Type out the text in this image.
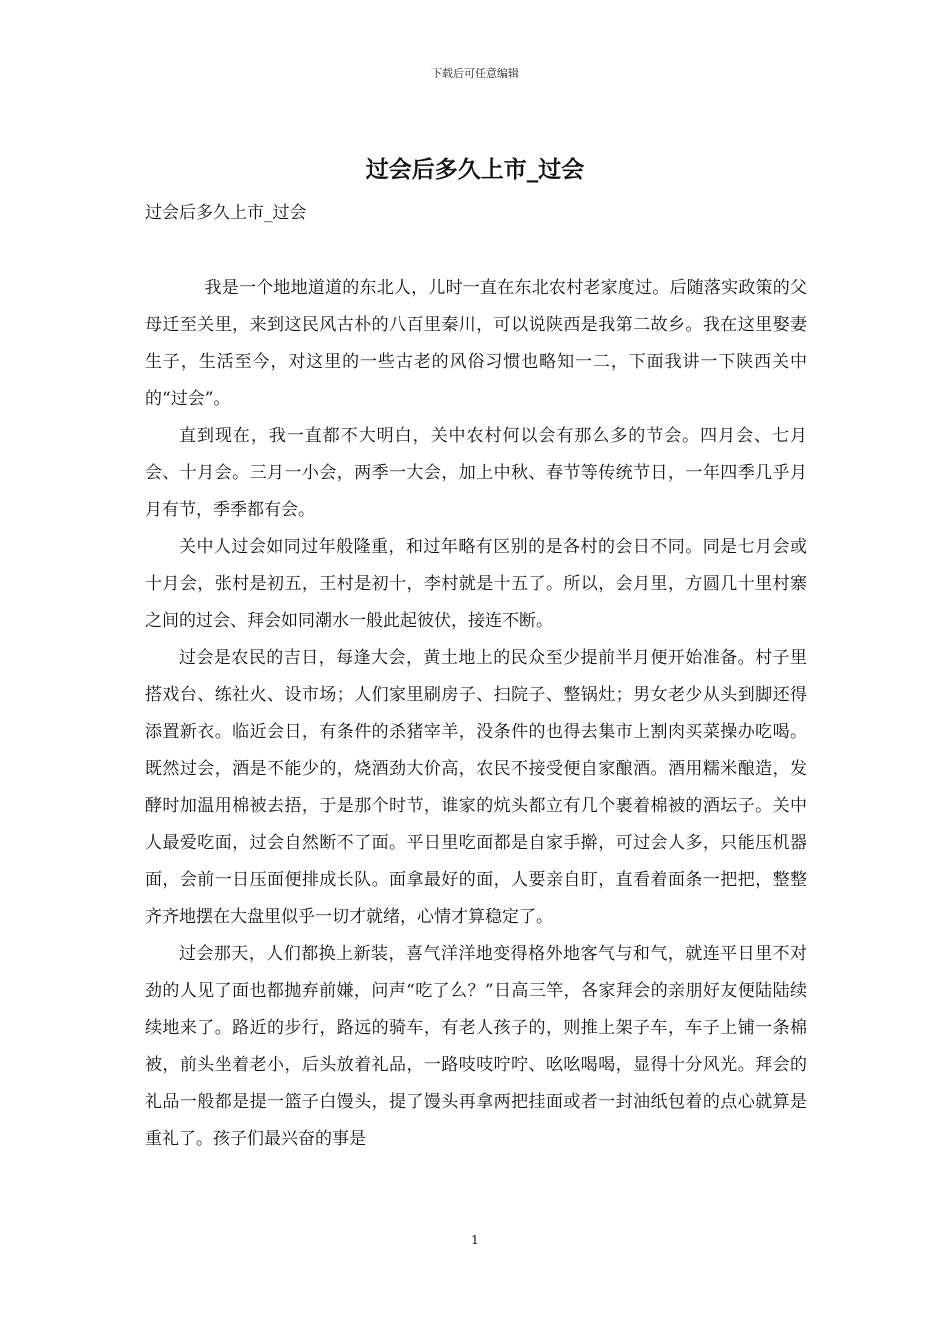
下载后可任意编辑
过会后多久上市_过会
过会后多久上市_过会

我是一个地地道道的东北人，儿时一直在东北农村老家度过。后随落实政策的父母迁至关里，来到这民风古朴的八百里秦川，可以说陕西是我第二故乡。我在这里娶妻生子，生活至今，对这里的一些古老的风俗习惯也略知一二，下面我讲一下陕西关中的“过会”。

直到现在，我一直都不大明白，关中农村何以会有那么多的节会。四月会、七月会、十月会。三月一小会，两季一大会，加上中秋、春节等传统节日，一年四季几乎月月有节，季季都有会。

关中人过会如同过年般隆重，和过年略有区别的是各村的会日不同。同是七月会或十月会，张村是初五，王村是初十，李村就是十五了。所以，会月里，方圆几十里村寨之间的过会、拜会如同潮水一般此起彼伏，接连不断。

过会是农民的吉日，每逢大会，黄土地上的民众至少提前半月便开始准备。村子里搭戏台、练社火、设市场；人们家里刷房子、扫院子、整锅灶；男女老少从头到脚还得添置新衣。临近会日，有条件的杀猪宰羊，没条件的也得去集市上割肉买菜操办吃喝。既然过会，酒是不能少的，烧酒劲大价高，农民不接受便自家酿酒。酒用糯米酿造，发酵时加温用棉被去捂，于是那个时节，谁家的炕头都立有几个裹着棉被的酒坛子。关中人最爱吃面，过会自然断不了面。平日里吃面都是自家手擀，可过会人多，只能压机器面，会前一日压面便排成长队。面拿最好的面，人要亲自盯，直看着面条一把把，整整齐齐地摆在大盘里似乎一切才就绪，心情才算稳定了。

过会那天，人们都换上新装，喜气洋洋地变得格外地客气与和气，就连平日里不对劲的人见了面也都抛弃前嫌，问声“吃了么？”日高三竿，各家拜会的亲朋好友便陆陆续续地来了。路近的步行，路远的骑车，有老人孩子的，则推上架子车，车子上铺一条棉被，前头坐着老小，后头放着礼品，一路吱吱咛咛、吆吆喝喝，显得十分风光。拜会的礼品一般都是提一篮子白馒头，提了馒头再拿两把挂面或者一封油纸包着的点心就算是重礼了。孩子们最兴奋的事是

1
